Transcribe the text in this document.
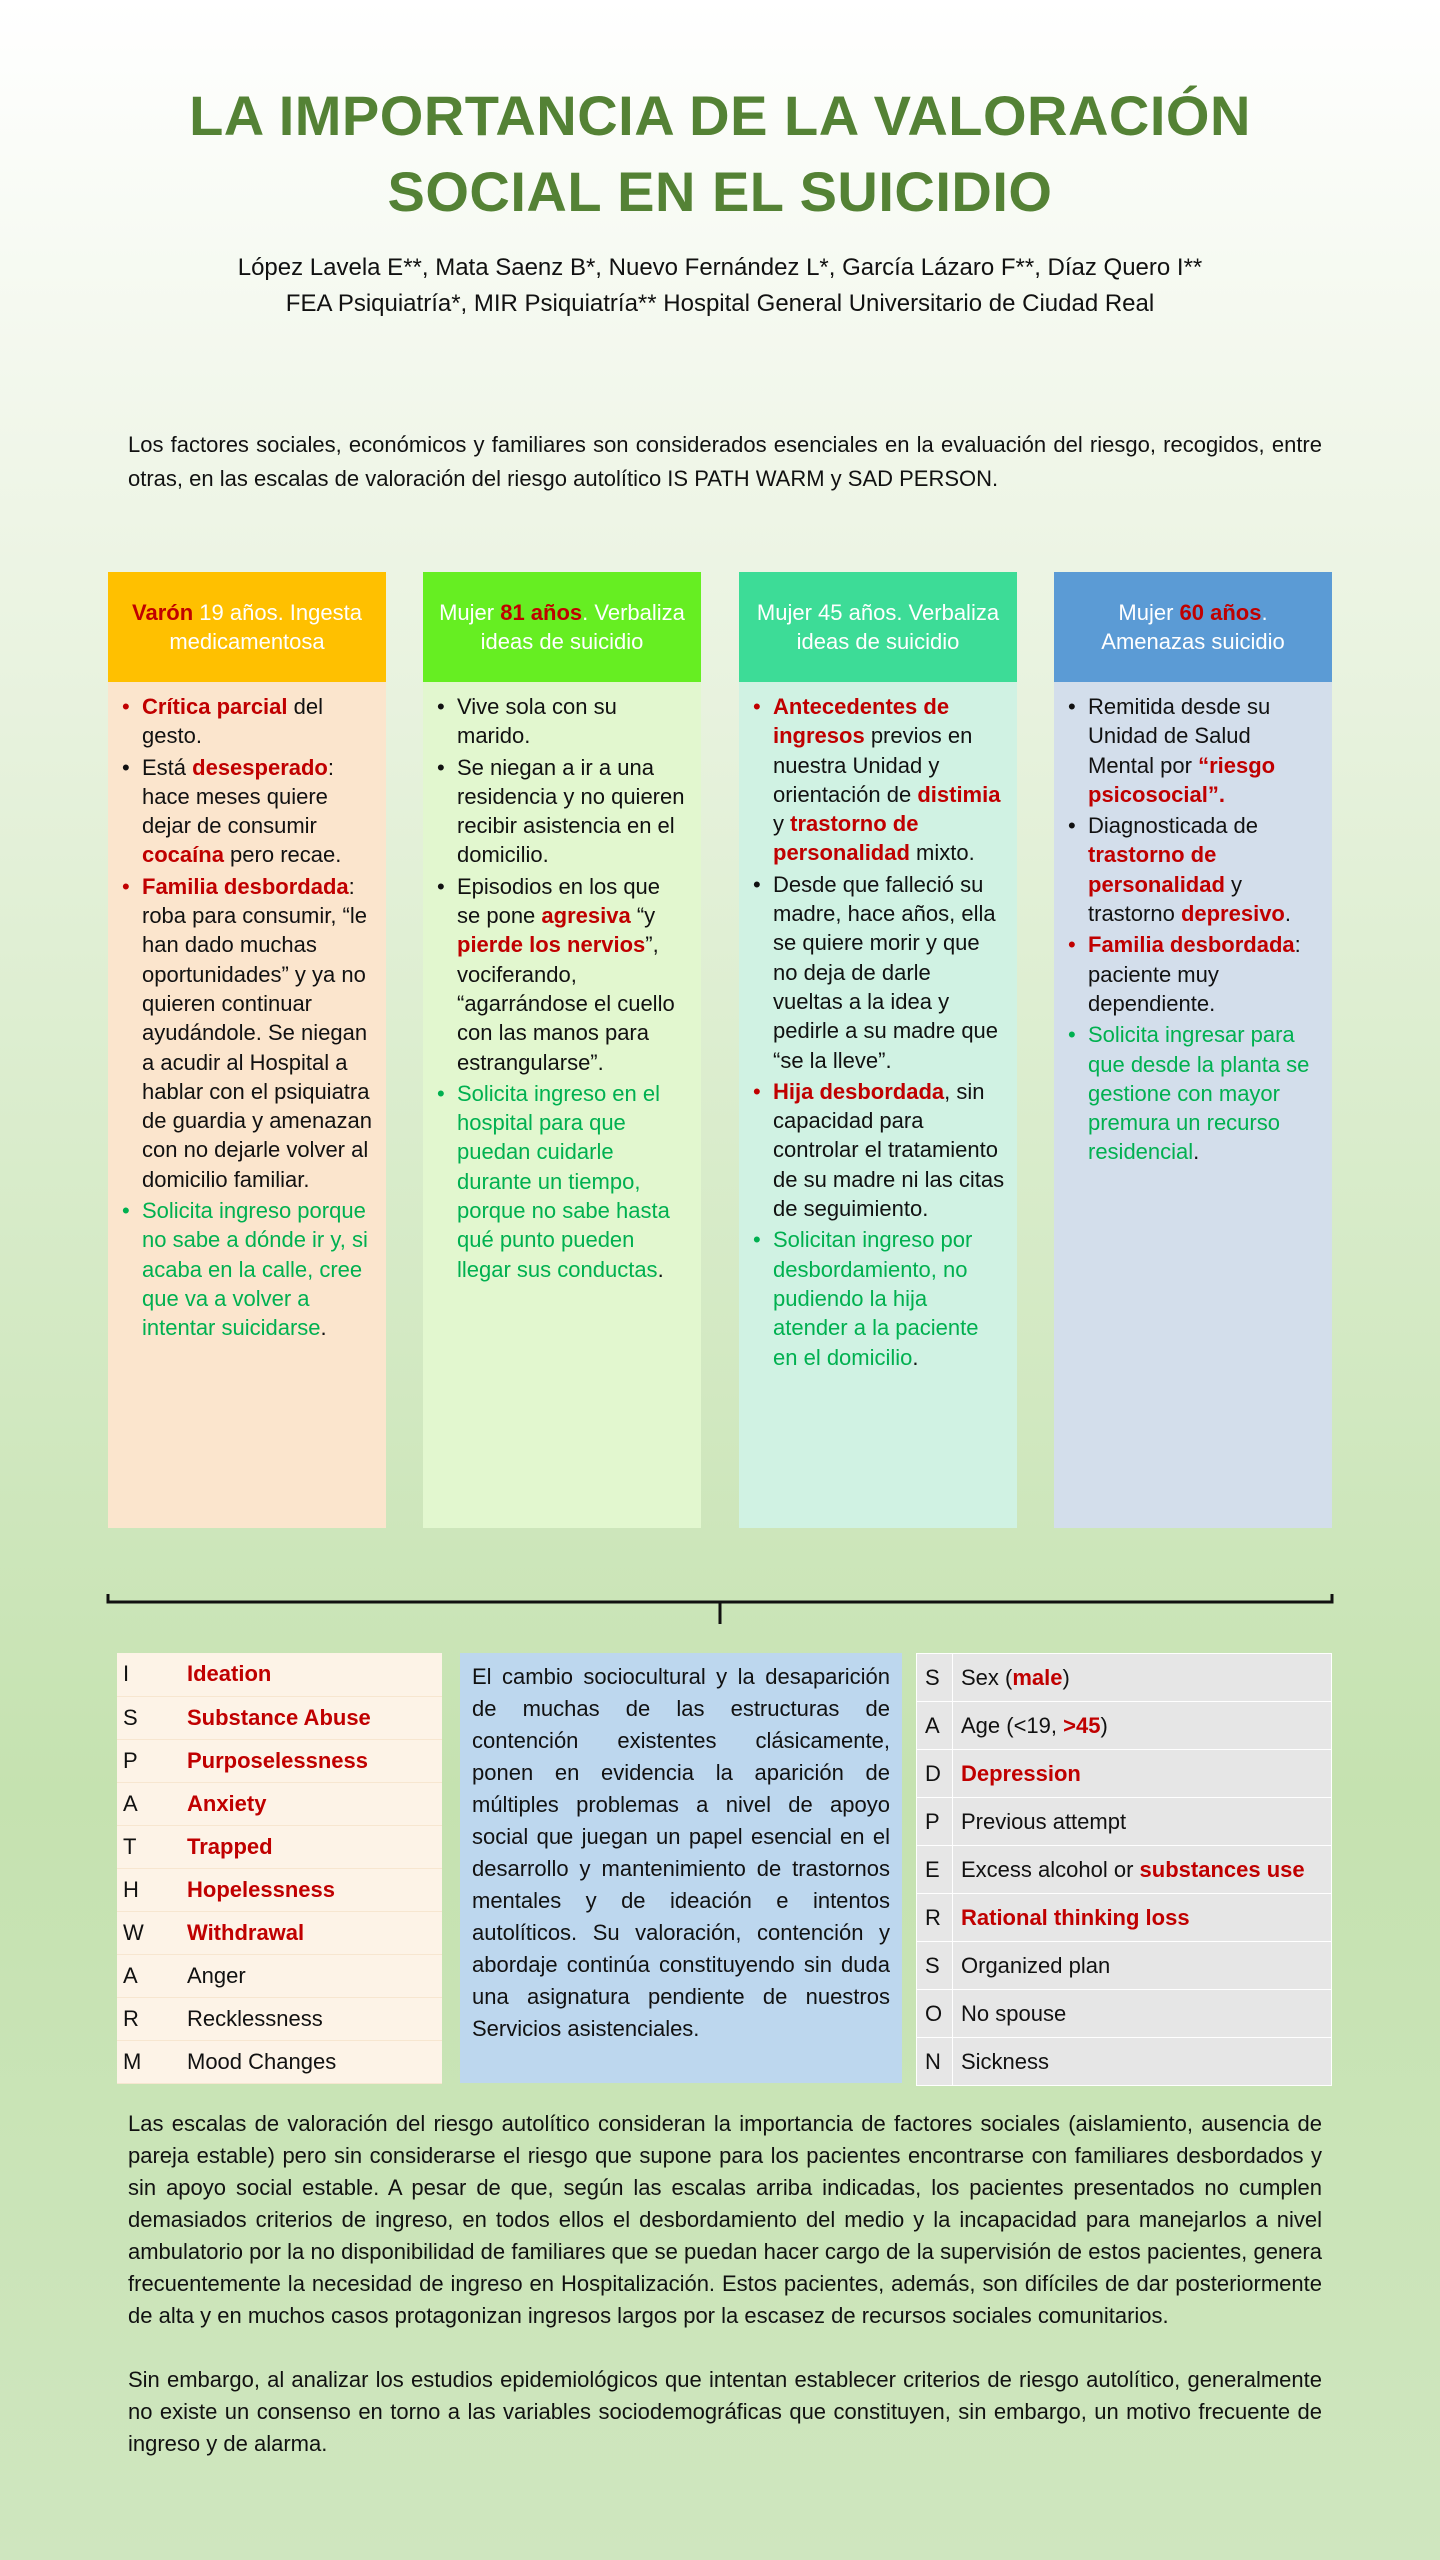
LA IMPORTANCIA DE LA VALORACIÓN
SOCIAL EN EL SUICIDIO
López Lavela E**, Mata Saenz B*, Nuevo Fernández L*, García Lázaro F**, Díaz Quero I**
FEA Psiquiatría*, MIR Psiquiatría** Hospital General Universitario de Ciudad Real
Los factores sociales, económicos y familiares son considerados esenciales en la evaluación del riesgo, recogidos, entre otras, en las escalas de valoración del riesgo autolítico IS PATH WARM y SAD PERSON.
Varón 19 años. Ingesta medicamentosa
• Crítica parcial del gesto.
• Está desesperado: hace meses quiere dejar de consumir cocaína pero recae.
• Familia desbordada: roba para consumir, “le han dado muchas oportunidades” y ya no quieren continuar ayudándole. Se niegan a acudir al Hospital a hablar con el psiquiatra de guardia y amenazan con no dejarle volver al domicilio familiar.
• Solicita ingreso porque no sabe a dónde ir y, si acaba en la calle, cree que va a volver a intentar suicidarse.
Mujer 81 años. Verbaliza ideas de suicidio
• Vive sola con su marido.
• Se niegan a ir a una residencia y no quieren recibir asistencia en el domicilio.
• Episodios en los que se pone agresiva “y pierde los nervios”, vociferando, “agarrándose el cuello con las manos para estrangularse”.
• Solicita ingreso en el hospital para que puedan cuidarle durante un tiempo, porque no sabe hasta qué punto pueden llegar sus conductas.
Mujer 45 años. Verbaliza ideas de suicidio
• Antecedentes de ingresos previos en nuestra Unidad y orientación de distimia y trastorno de personalidad mixto.
• Desde que falleció su madre, hace años, ella se quiere morir y que no deja de darle vueltas a la idea y pedirle a su madre que “se la lleve”.
• Hija desbordada, sin capacidad para controlar el tratamiento de su madre ni las citas de seguimiento.
• Solicitan ingreso por desbordamiento, no pudiendo la hija atender a la paciente en el domicilio.
Mujer 60 años. Amenazas suicidio
• Remitida desde su Unidad de Salud Mental por “riesgo psicosocial”.
• Diagnosticada de trastorno de personalidad y trastorno depresivo.
• Familia desbordada: paciente muy dependiente.
• Solicita ingresar para que desde la planta se gestione con mayor premura un recurso residencial.
I	Ideation
S	Substance Abuse
P	Purposelessness
A	Anxiety
T	Trapped
H	Hopelessness
W	Withdrawal
A	Anger
R	Recklessness
M	Mood Changes
El cambio sociocultural y la desaparición de muchas de las estructuras de contención existentes clásicamente, ponen en evidencia la aparición de múltiples problemas a nivel de apoyo social que juegan un papel esencial en el desarrollo y mantenimiento de trastornos mentales y de ideación e intentos autolíticos. Su valoración, contención y abordaje continúa constituyendo sin duda una asignatura pendiente de nuestros Servicios asistenciales.
S	Sex (male)
A	Age (<19, >45)
D	Depression
P	Previous attempt
E	Excess alcohol or substances use
R	Rational thinking loss
S	Organized plan
O	No spouse
N	Sickness

Las escalas de valoración del riesgo autolítico consideran la importancia de factores sociales (aislamiento, ausencia de pareja estable) pero sin considerarse el riesgo que supone para los pacientes encontrarse con familiares desbordados y sin apoyo social estable. A pesar de que, según las escalas arriba indicadas, los pacientes presentados no cumplen demasiados criterios de ingreso, en todos ellos el desbordamiento del medio y la incapacidad para manejarlos a nivel ambulatorio por la no disponibilidad de familiares que se puedan hacer cargo de la supervisión de estos pacientes, genera frecuentemente la necesidad de ingreso en Hospitalización. Estos pacientes, además, son difíciles de dar posteriormente de alta y en muchos casos protagonizan ingresos largos por la escasez de recursos sociales comunitarios.

Sin embargo, al analizar los estudios epidemiológicos que intentan establecer criterios de riesgo autolítico, generalmente no existe un consenso en torno a las variables sociodemográficas que constituyen, sin embargo, un motivo frecuente de ingreso y de alarma.
